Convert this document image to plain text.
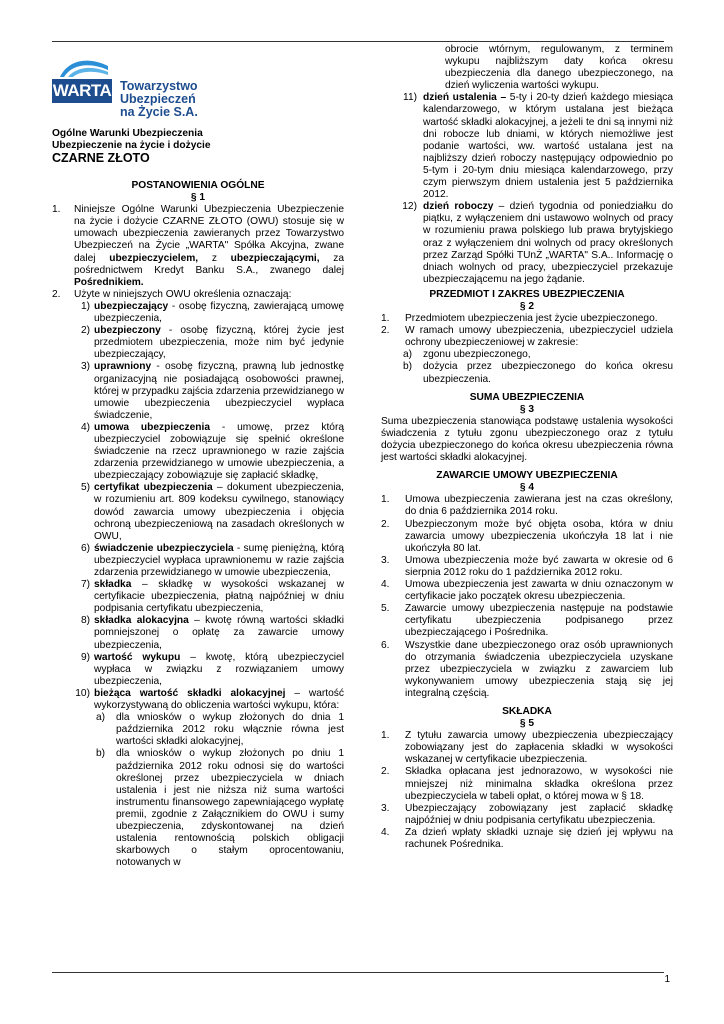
WARTA Towarzystwo Ubezpieczeń
na Życie S.A.
Ogólne Warunki Ubezpieczenia
Ubezpieczenie na życie i dożycie
CZARNE ZŁOTO
POSTANOWIENIA OGÓLNE
§ 1
1. Niniejsze Ogólne Warunki Ubezpieczenia Ubezpieczenie na życie i dożycie CZARNE ZŁOTO (OWU) stosuje się w umowach ubezpieczenia zawieranych przez Towarzystwo Ubezpieczeń na Życie „WARTA" Spółka Akcyjna, zwane dalej ubezpieczycielem, z ubezpieczającymi, za pośrednictwem Kredyt Banku S.A., zwanego dalej Pośrednikiem.
2. Użyte w niniejszych OWU określenia oznaczają:
1) ubezpieczający - osobę fizyczną, zawierającą umowę ubezpieczenia,
2) ubezpieczony - osobę fizyczną, której życie jest przedmiotem ubezpieczenia, może nim być jedynie ubezpieczający,
3) uprawniony - osobę fizyczną, prawną lub jednostkę organizacyjną nie posiadającą osobowości prawnej, której w przypadku zajścia zdarzenia przewidzianego w umowie ubezpieczenia ubezpieczyciel wypłaca świadczenie,
4) umowa ubezpieczenia - umowę, przez którą ubezpieczyciel zobowiązuje się spełnić określone świadczenie na rzecz uprawnionego w razie zajścia zdarzenia przewidzianego w umowie ubezpieczenia, a ubezpieczający zobowiązuje się zapłacić składkę,
5) certyfikat ubezpieczenia – dokument ubezpieczenia, w rozumieniu art. 809 kodeksu cywilnego, stanowiący dowód zawarcia umowy ubezpieczenia i objęcia ochroną ubezpieczeniową na zasadach określonych w OWU,
6) świadczenie ubezpieczyciela - sumę pieniężną, którą ubezpieczyciel wypłaca uprawnionemu w razie zajścia zdarzenia przewidzianego w umowie ubezpieczenia,
7) składka – składkę w wysokości wskazanej w certyfikacie ubezpieczenia, płatną najpóźniej w dniu podpisania certyfikatu ubezpieczenia,
8) składka alokacyjna – kwotę równą wartości składki pomniejszonej o opłatę za zawarcie umowy ubezpieczenia,
9) wartość wykupu – kwotę, którą ubezpieczyciel wypłaca w związku z rozwiązaniem umowy ubezpieczenia,
10) bieżąca wartość składki alokacyjnej – wartość wykorzystywaną do obliczenia wartości wykupu, która:
a) dla wniosków o wykup złożonych do dnia 1 października 2012 roku włącznie równa jest wartości składki alokacyjnej,
b) dla wniosków o wykup złożonych po dniu 1 października 2012 roku odnosi się do wartości określonej przez ubezpieczyciela w dniach ustalenia i jest nie niższa niż suma wartości instrumentu finansowego zapewniającego wypłatę premii, zgodnie z Załącznikiem do OWU i sumy ubezpieczenia, zdyskontowanej na dzień ustalenia rentownością polskich obligacji skarbowych o stałym oprocentowaniu, notowanych w
obrocie wtórnym, regulowanym, z terminem wykupu najbliższym daty końca okresu ubezpieczenia dla danego ubezpieczonego, na dzień wyliczenia wartości wykupu.
11) dzień ustalenia – 5-ty i 20-ty dzień każdego miesiąca kalendarzowego, w którym ustalana jest bieżąca wartość składki alokacyjnej, a jeżeli te dni są innymi niż dni robocze lub dniami, w których niemożliwe jest podanie wartości, ww. wartość ustalana jest na najbliższy dzień roboczy następujący odpowiednio po 5-tym i 20-tym dniu miesiąca kalendarzowego, przy czym pierwszym dniem ustalenia jest 5 października 2012.
12) dzień roboczy – dzień tygodnia od poniedziałku do piątku, z wyłączeniem dni ustawowo wolnych od pracy w rozumieniu prawa polskiego lub prawa brytyjskiego oraz z wyłączeniem dni wolnych od pracy określonych przez Zarząd Spółki TUnŻ „WARTA" S.A.. Informację o dniach wolnych od pracy, ubezpieczyciel przekazuje ubezpieczającemu na jego żądanie.
PRZEDMIOT I ZAKRES UBEZPIECZENIA
§ 2
1. Przedmiotem ubezpieczenia jest życie ubezpieczonego.
2. W ramach umowy ubezpieczenia, ubezpieczyciel udziela ochrony ubezpieczeniowej w zakresie:
a) zgonu ubezpieczonego,
b) dożycia przez ubezpieczonego do końca okresu ubezpieczenia.
SUMA UBEZPIECZENIA
§ 3
Suma ubezpieczenia stanowiąca podstawę ustalenia wysokości świadczenia z tytułu zgonu ubezpieczonego oraz z tytułu dożycia ubezpieczonego do końca okresu ubezpieczenia równa jest wartości składki alokacyjnej.
ZAWARCIE UMOWY UBEZPIECZENIA
§ 4
1. Umowa ubezpieczenia zawierana jest na czas określony, do dnia 6 października 2014 roku.
2. Ubezpieczonym może być objęta osoba, która w dniu zawarcia umowy ubezpieczenia ukończyła 18 lat i nie ukończyła 80 lat.
3. Umowa ubezpieczenia może być zawarta w okresie od 6 sierpnia 2012 roku do 1 października 2012 roku.
4. Umowa ubezpieczenia jest zawarta w dniu oznaczonym w certyfikacie jako początek okresu ubezpieczenia.
5. Zawarcie umowy ubezpieczenia następuje na podstawie certyfikatu ubezpieczenia podpisanego przez ubezpieczającego i Pośrednika.
6. Wszystkie dane ubezpieczonego oraz osób uprawnionych do otrzymania świadczenia ubezpieczyciela uzyskane przez ubezpieczyciela w związku z zawarciem lub wykonywaniem umowy ubezpieczenia stają się jej integralną częścią.
SKŁADKA
§ 5
1. Z tytułu zawarcia umowy ubezpieczenia ubezpieczający zobowiązany jest do zapłacenia składki w wysokości wskazanej w certyfikacie ubezpieczenia.
2. Składka opłacana jest jednorazowo, w wysokości nie mniejszej niż minimalna składka określona przez ubezpieczyciela w tabeli opłat, o której mowa w § 18.
3. Ubezpieczający zobowiązany jest zapłacić składkę najpóźniej w dniu podpisania certyfikatu ubezpieczenia.
4. Za dzień wpłaty składki uznaje się dzień jej wpływu na rachunek Pośrednika.
1
